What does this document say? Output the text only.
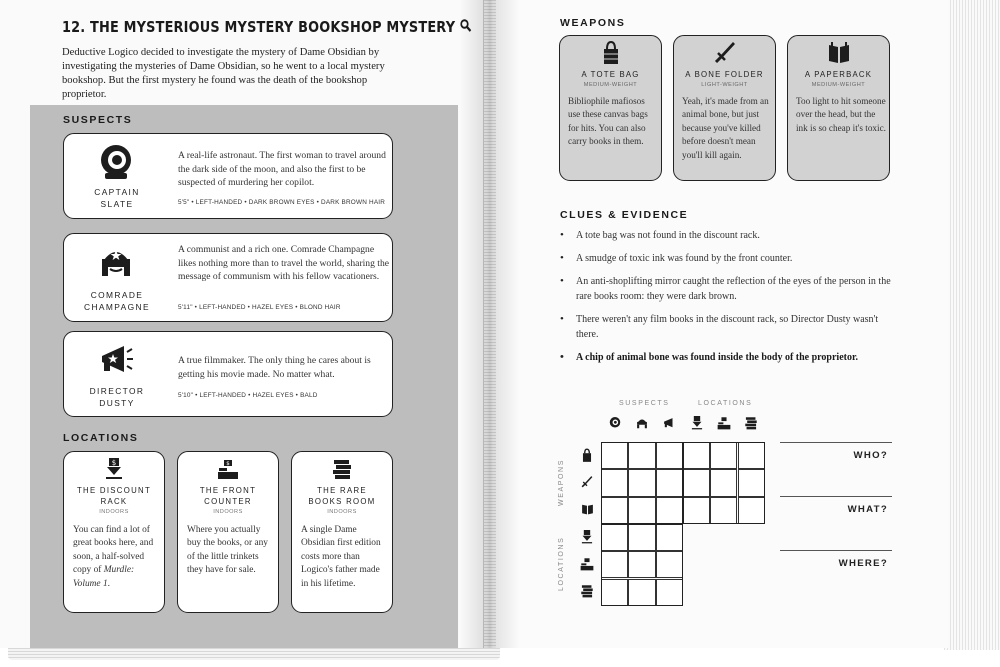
12. THE MYSTERIOUS MYSTERY BOOKSHOP MYSTERY

Deductive Logico decided to investigate the mystery of Dame Obsidian by investigating the mysteries of Dame Obsidian, so he went to a local mystery bookshop. But the first mystery he found was the death of the bookshop proprietor.

SUSPECTS
CAPTAIN
SLATE
A real-life astronaut. The first woman to travel around the dark side of the moon, and also the first to be suspected of murdering her copilot.
5'5" • LEFT-HANDED • DARK BROWN EYES • DARK BROWN HAIR
COMRADE
CHAMPAGNE
A communist and a rich one. Comrade Champagne likes nothing more than to travel the world, sharing the message of communism with his fellow vacationers.
5'11" • LEFT-HANDED • HAZEL EYES • BLOND HAIR
DIRECTOR
DUSTY
A true filmmaker. The only thing he cares about is getting his movie made. No matter what.
5'10" • LEFT-HANDED • HAZEL EYES • BALD
LOCATIONS
$
THE DISCOUNT
RACK
INDOORS
You can find a lot of great books here, and soon, a half-solved copy of Murdle: Volume 1.
$
THE FRONT
COUNTER
INDOORS
Where you actually buy the books, or any of the little trinkets they have for sale.
THE RARE
BOOKS ROOM
INDOORS
A single Dame Obsidian first edition costs more than Logico's father made in his lifetime.
WEAPONS
A TOTE BAG
MEDIUM-WEIGHT
Bibliophile mafiosos use these canvas bags for hits. You can also carry books in them.
A BONE FOLDER
LIGHT-WEIGHT
Yeah, it's made from an animal bone, but just because you've killed before doesn't mean you'll kill again.
A PAPERBACK
MEDIUM-WEIGHT
Too light to hit someone over the head, but the ink is so cheap it's toxic.
CLUES & EVIDENCE
• A tote bag was not found in the discount rack.
• A smudge of toxic ink was found by the front counter.
• An anti-shoplifting mirror caught the reflection of the eyes of the person in the rare books room: they were dark brown.
• There weren't any film books in the discount rack, so Director Dusty wasn't there.
• A chip of animal bone was found inside the body of the proprietor.
SUSPECTS	LOCATIONS
WEAPONS
LOCATIONS
WHO?
WHAT?
WHERE?
